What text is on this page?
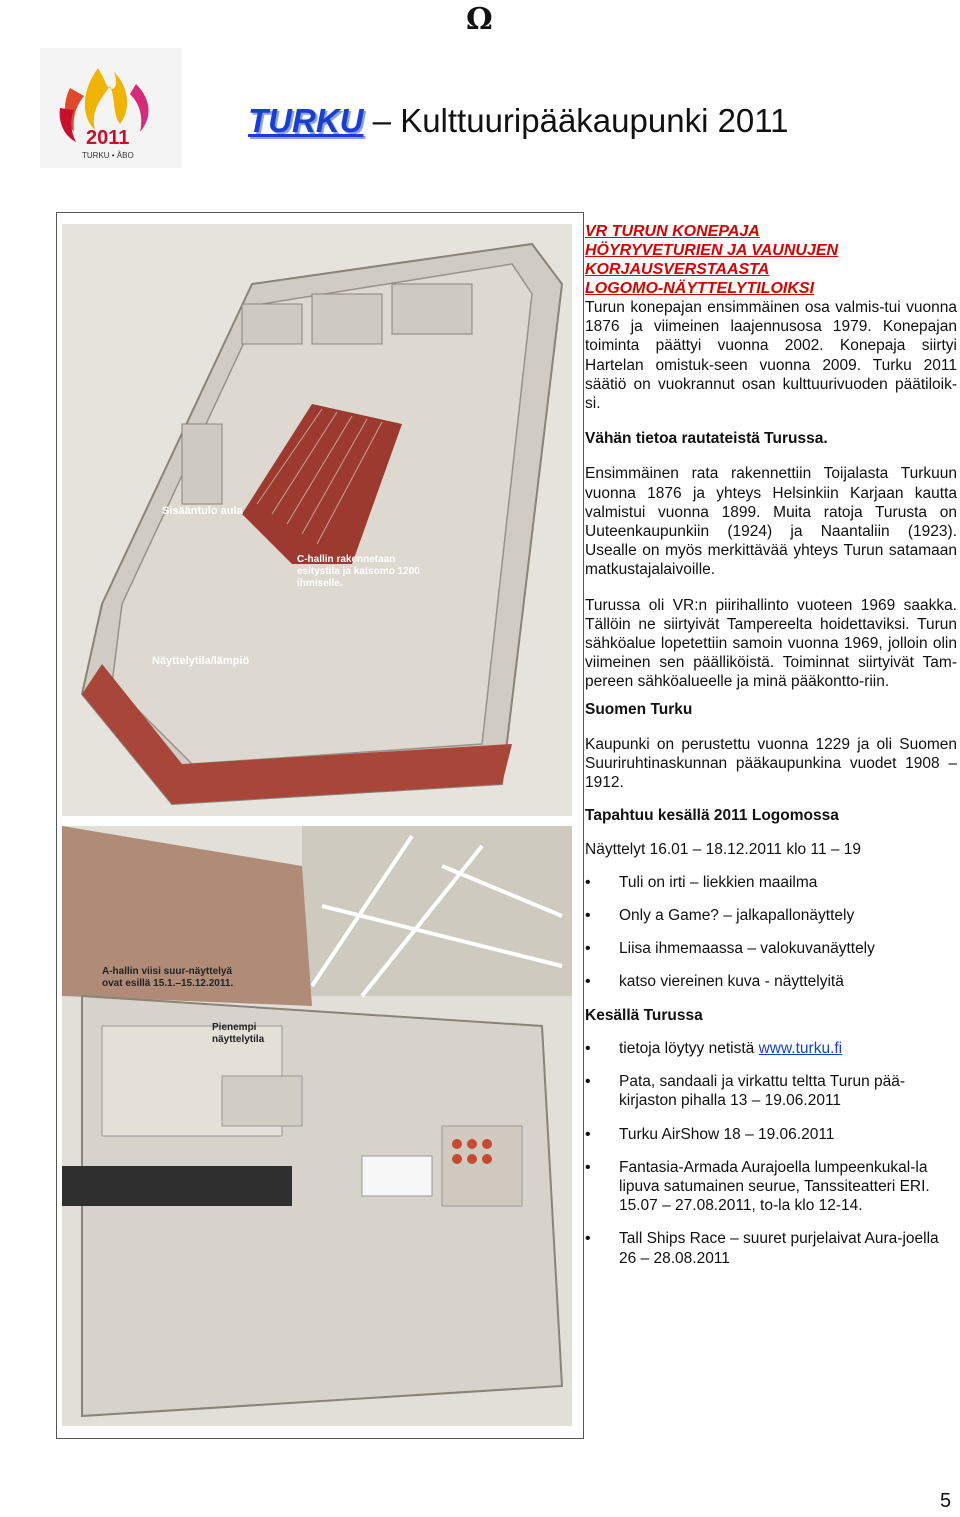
Ω
2011
TURKU • ÅBO
TURKU – Kulttuuripääkaupunki 2011
Sisääntulo aula
C-hallin rakennetaan esitystila ja katsomo 1200 ihmiselle.
Näyttelytila/lämpiö
A-hallin viisi suur-näyttelyä ovat esillä 15.1.–15.12.2011.
Pienempi näyttelytila
VR TURUN KONEPAJA
HÖYRYVETURIEN JA VAUNUJEN
KORJAUSVERSTAASTA
LOGOMO-NÄYTTELYTILOIKSI

Turun konepajan ensimmäinen osa valmis-tui vuonna 1876 ja viimeinen laajennusosa 1979. Konepajan toiminta päättyi vuonna 2002. Konepaja siirtyi Hartelan omistuk-seen vuonna 2009. Turku 2011 säätiö on vuokrannut osan kulttuurivuoden päätiloik-si.

Vähän tietoa rautateistä Turussa.

Ensimmäinen rata rakennettiin Toijalasta Turkuun vuonna 1876 ja yhteys Helsinkiin Karjaan kautta valmistui vuonna 1899. Muita ratoja Turusta on Uuteenkaupunkiin (1924) ja Naantaliin (1923). Usealle on myös merkittävää yhteys Turun satamaan matkustajalaivoille.

Turussa oli VR:n piirihallinto vuoteen 1969 saakka. Tällöin ne siirtyivät Tampereelta hoidettaviksi. Turun sähköalue lopetettiin samoin vuonna 1969, jolloin olin viimeinen sen päälliköistä. Toiminnat siirtyivät Tam-pereen sähköalueelle ja minä pääkontto-riin.

Suomen Turku

Kaupunki on perustettu vuonna 1229 ja oli Suomen Suuriruhtinaskunnan pääkaupunkina vuodet 1908 – 1912.

Tapahtuu kesällä 2011 Logomossa

Näyttelyt 16.01 – 18.12.2011 klo 11 – 19

• Tuli on irti – liekkien maailma
• Only a Game? – jalkapallonäyttely
• Liisa ihmemaassa – valokuvanäyttely
• katso viereinen kuva - näyttelyitä

Kesällä Turussa

• tietoja löytyy netistä www.turku.fi
• Pata, sandaali ja virkattu teltta Turun pää-kirjaston pihalla 13 – 19.06.2011
• Turku AirShow 18 – 19.06.2011
• Fantasia-Armada Aurajoella lumpeenkukal-la lipuva satumainen seurue, Tanssiteatteri ERI. 15.07 – 27.08.2011, to-la klo 12-14.
• Tall Ships Race – suuret purjelaivat Aura-joella 26 – 28.08.2011
5
